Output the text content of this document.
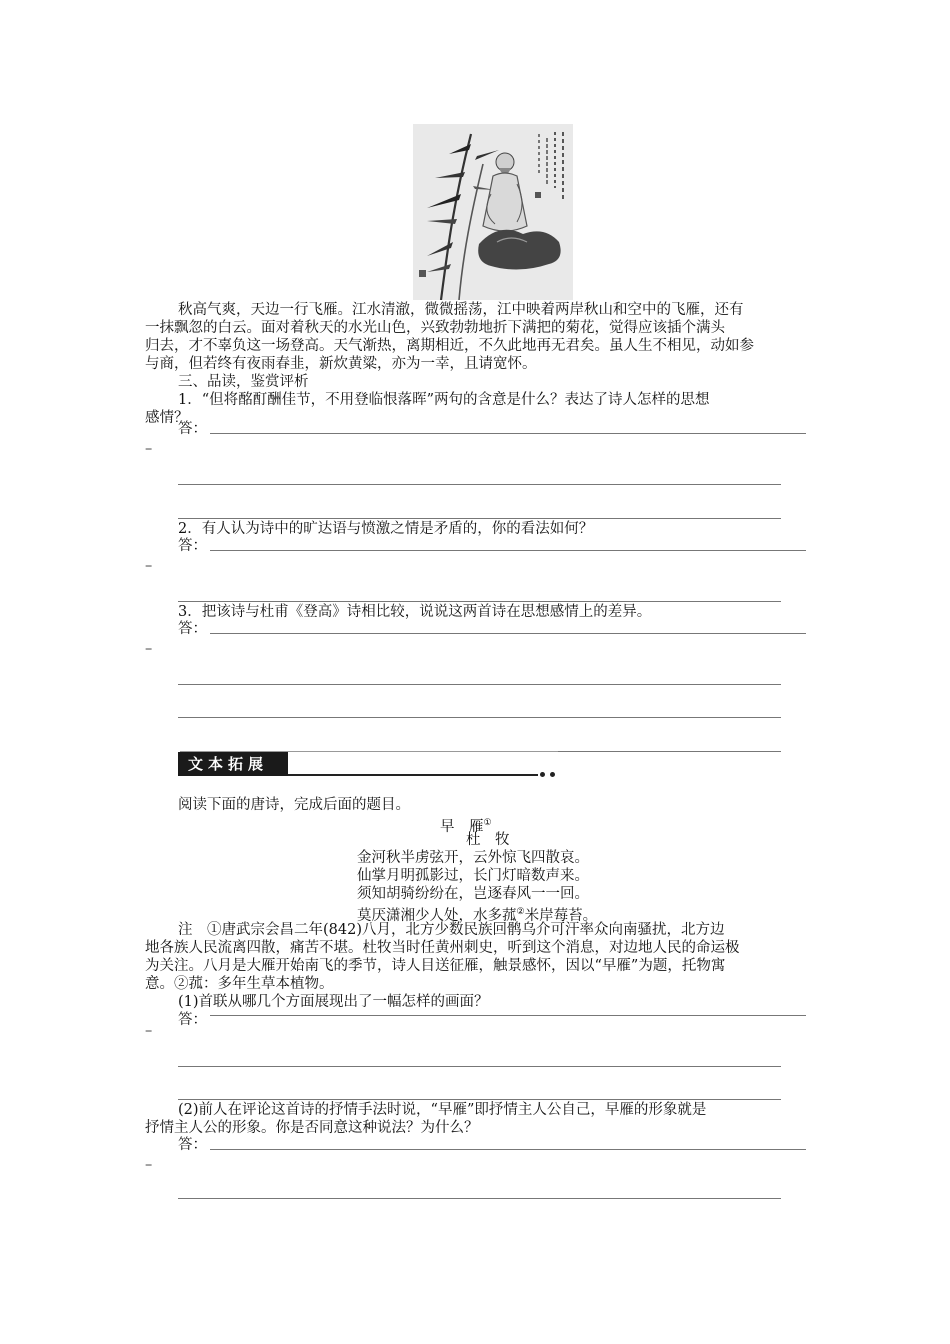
秋高气爽，天边一行飞雁。江水清澈，微微摇荡，江中映着两岸秋山和空中的飞雁，还有
一抹飘忽的白云。面对着秋天的水光山色，兴致勃勃地折下满把的菊花，觉得应该插个满头
归去，才不辜负这一场登高。天气渐热，离期相近，不久此地再无君矣。虽人生不相见，动如参
与商，但若终有夜雨春韭，新炊黄粱，亦为一幸，且请宽怀。
三、品读，鉴赏评析
1．“但将酩酊酬佳节，不用登临恨落晖”两句的含意是什么？表达了诗人怎样的思想
感情？
答：
–
2．有人认为诗中的旷达语与愤激之情是矛盾的，你的看法如何？
答：
–
3．把该诗与杜甫《登高》诗相比较，说说这两首诗在思想感情上的差异。
答：
–
文本拓展
阅读下面的唐诗，完成后面的题目。
早　雁①
杜　牧
金河秋半虏弦开，云外惊飞四散哀。
仙掌月明孤影过，长门灯暗数声来。
须知胡骑纷纷在，岂逐春风一一回。
莫厌潇湘少人处，水多菰②米岸莓苔。
注　①唐武宗会昌二年(842)八月，北方少数民族回鹘乌介可汗率众向南骚扰，北方边
地各族人民流离四散，痛苦不堪。杜牧当时任黄州刺史，听到这个消息，对边地人民的命运极
为关注。八月是大雁开始南飞的季节，诗人目送征雁，触景感怀，因以“早雁”为题，托物寓
意。②菰：多年生草本植物。
(1)首联从哪几个方面展现出了一幅怎样的画面？
答：
–
(2)前人在评论这首诗的抒情手法时说，“早雁”即抒情主人公自己，早雁的形象就是
抒情主人公的形象。你是否同意这种说法？为什么？
答：
–
